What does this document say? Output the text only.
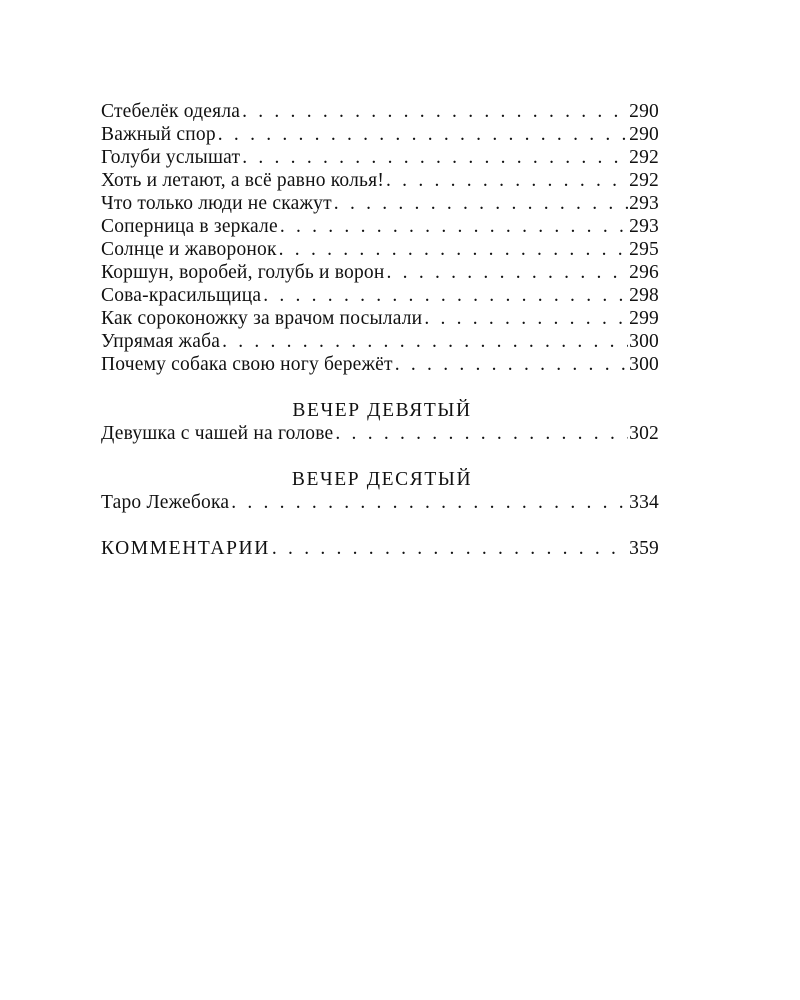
Стебелёк одеяла . . .	290
Важный спор . . .	290
Голуби услышат . . .	292
Хоть и летают, а всё равно колья! . . .	292
Что только люди не скажут . . .	293
Соперница в зеркале . . .	293
Солнце и жаворонок . . .	295
Коршун, воробей, голубь и ворон . . .	296
Сова-красильщица . . .	298
Как сороконожку за врачом посылали . . .	299
Упрямая жаба . . .	300
Почему собака свою ногу бережёт . . .	300
ВЕЧЕР ДЕВЯТЫЙ
Девушка с чашей на голове . . .	302
ВЕЧЕР ДЕСЯТЫЙ
Таро Лежебока . . .	334
КОММЕНТАРИИ . . .	359
